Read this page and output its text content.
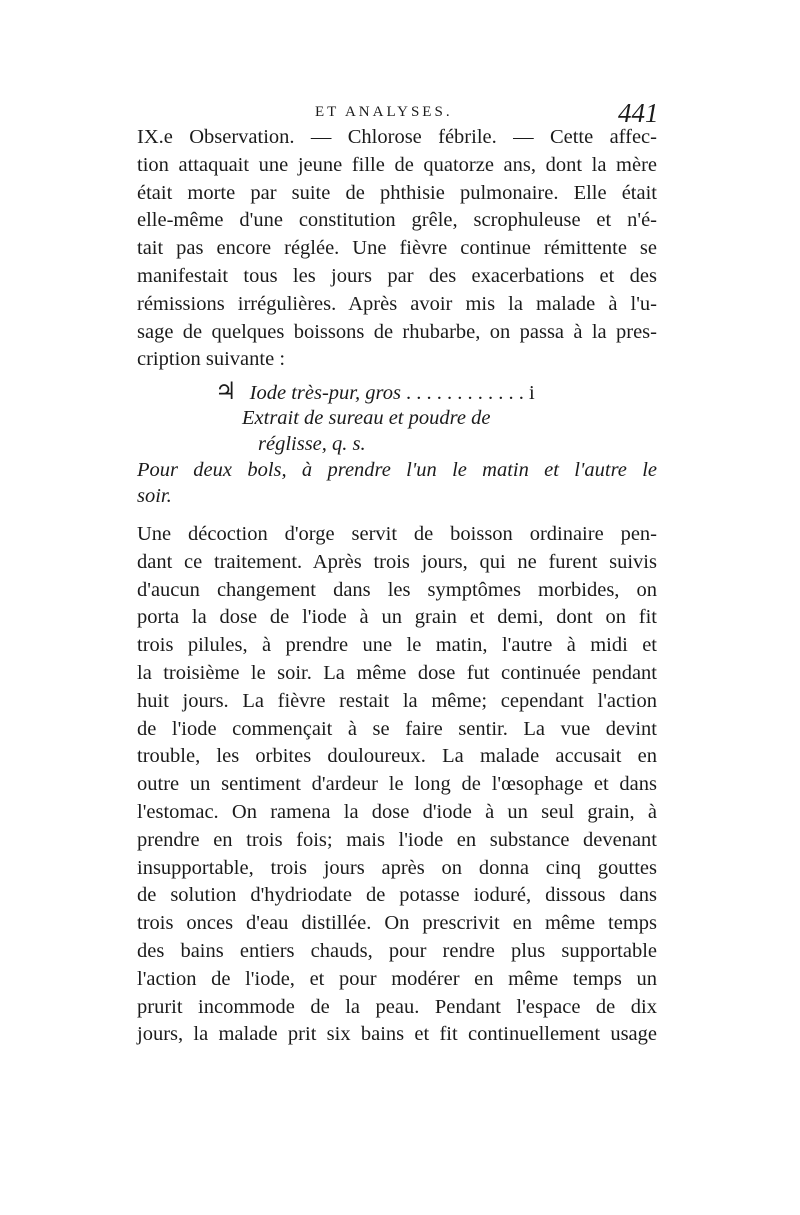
ET ANALYSES.	441
IX.e Observation. — Chlorose fébrile. — Cette affec-
tion attaquait une jeune fille de quatorze ans, dont la mère
était morte par suite de phthisie pulmonaire. Elle était
elle-même d'une constitution grêle, scrophuleuse et n'é-
tait pas encore réglée. Une fièvre continue rémittente se
manifestait tous les jours par des exacerbations et des
rémissions irrégulières. Après avoir mis la malade à l'u-
sage de quelques boissons de rhubarbe, on passa à la pres-
cription suivante :
♃ Iode très-pur, gros . . . . . . . . . . . . i
Extrait de sureau et poudre de
réglisse, q. s.
Pour deux bols, à prendre l'un le matin et l'autre le
soir.
Une décoction d'orge servit de boisson ordinaire pen-
dant ce traitement. Après trois jours, qui ne furent suivis
d'aucun changement dans les symptômes morbides, on
porta la dose de l'iode à un grain et demi, dont on fit
trois pilules, à prendre une le matin, l'autre à midi et
la troisième le soir. La même dose fut continuée pendant
huit jours. La fièvre restait la même; cependant l'action
de l'iode commençait à se faire sentir. La vue devint
trouble, les orbites douloureux. La malade accusait en
outre un sentiment d'ardeur le long de l'œsophage et dans
l'estomac. On ramena la dose d'iode à un seul grain, à
prendre en trois fois; mais l'iode en substance devenant
insupportable, trois jours après on donna cinq gouttes
de solution d'hydriodate de potasse ioduré, dissous dans
trois onces d'eau distillée. On prescrivit en même temps
des bains entiers chauds, pour rendre plus supportable
l'action de l'iode, et pour modérer en même temps un
prurit incommode de la peau. Pendant l'espace de dix
jours, la malade prit six bains et fit continuellement usage
